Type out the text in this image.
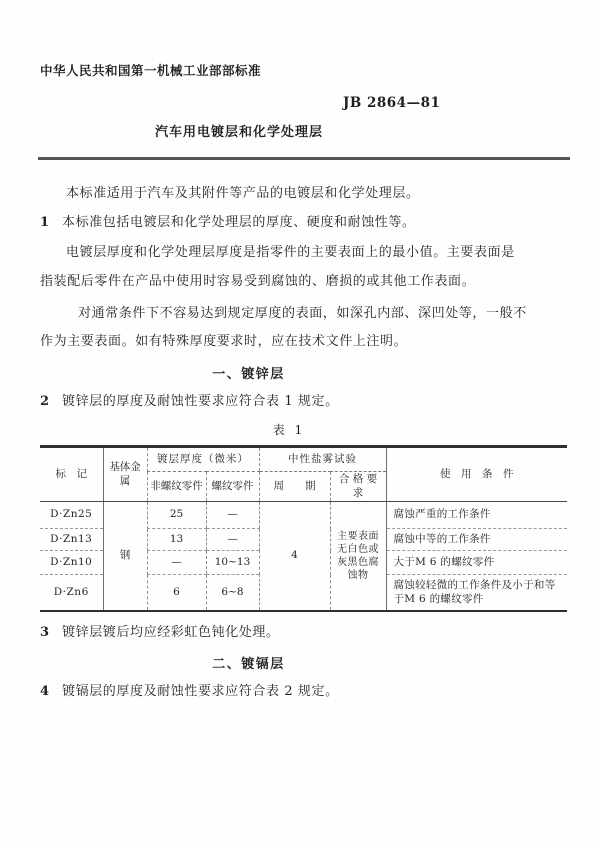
中华人民共和国第一机械工业部部标准
JB 2864—81
汽车用电镀层和化学处理层
本标准适用于汽车及其附件等产品的电镀层和化学处理层。
1 本标准包括电镀层和化学处理层的厚度、硬度和耐蚀性等。
电镀层厚度和化学处理层厚度是指零件的主要表面上的最小值。主要表面是
指装配后零件在产品中使用时容易受到腐蚀的、磨损的或其他工作表面。
对通常条件下不容易达到规定厚度的表面，如深孔内部、深凹处等，一般不
作为主要表面。如有特殊厚度要求时，应在技术文件上注明。
一、镀锌层
2 镀锌层的厚度及耐蚀性要求应符合表 1 规定。
表 1
标　记	基体金属	镀层厚度（微米）		中性盐雾试验		使　用　条　件
		非螺纹零件	螺纹零件	周　　期	合 格 要 求	
D·Zn25	钢	25	—	4	主要表面无白色或灰黑色腐蚀物	腐蚀严重的工作条件
D·Zn13		13	—			腐蚀中等的工作条件
D·Zn10		—	10~13			大于M 6 的螺纹零件
D·Zn6		6	6~8			腐蚀较轻微的工作条件及小于和等于M 6 的螺纹零件
3 镀锌层镀后均应经彩虹色钝化处理。
二、镀镉层
4 镀镉层的厚度及耐蚀性要求应符合表 2 规定。
